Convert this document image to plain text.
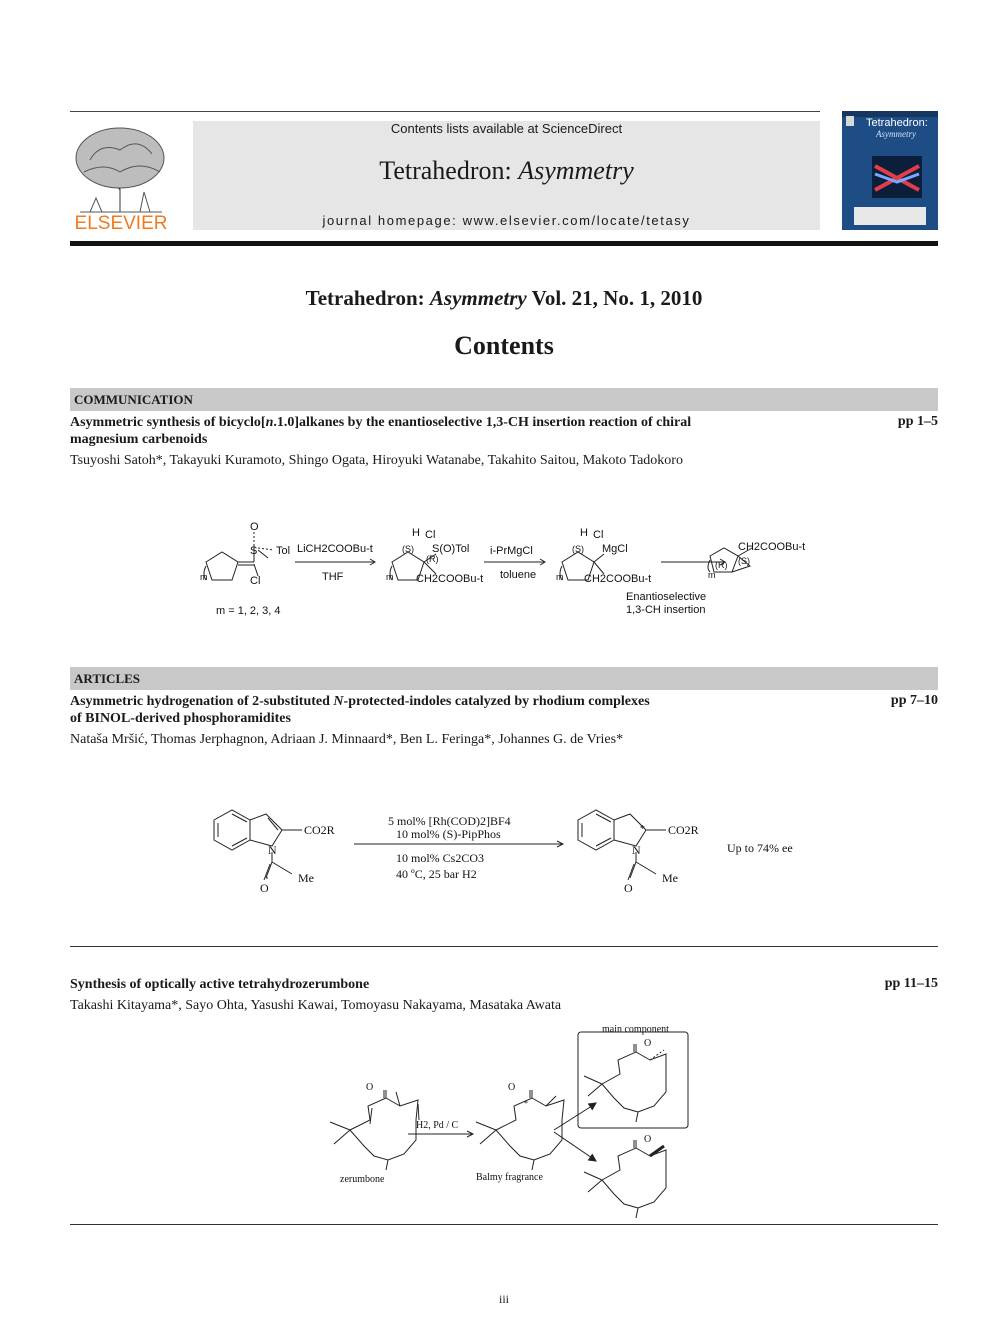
ELSEVIER
Contents lists available at ScienceDirect
Tetrahedron: Asymmetry
journal homepage: www.elsevier.com/locate/tetasy
Tetrahedron:
Asymmetry
Tetrahedron: Asymmetry Vol. 21, No. 1, 2010
Contents
COMMUNICATION
Asymmetric synthesis of bicyclo[n.1.0]alkanes by the enantioselective 1,3-CH insertion reaction of chiral
magnesium carbenoids
pp 1–5
Tsuyoshi Satoh*, Takayuki Kuramoto, Shingo Ogata, Hiroyuki Watanabe, Takahito Saitou, Makoto Tadokoro
O
S Tol
Cl
m
LiCH2COOBu-t
THF
H Cl
(S) S(O)Tol
(R)
m CH2COOBu-t
i-PrMgCl
toluene
H Cl
(S) MgCl
m CH2COOBu-t
Enantioselective
1,3-CH insertion
CH2COOBu-t
(R) (S)
m
m = 1, 2, 3, 4
ARTICLES
Asymmetric hydrogenation of 2-substituted N-protected-indoles catalyzed by rhodium complexes
of BINOL-derived phosphoramidites
pp 7–10
Nataša Mršić, Thomas Jerphagnon, Adriaan J. Minnaard*, Ben L. Feringa*, Johannes G. de Vries*
CO2R
N
Me
O
5 mol% [Rh(COD)2]BF4
10 mol% (S)-PipPhos
10 mol% Cs2CO3
40 ºC, 25 bar H2
* CO2R
N
Me
O
Up to 74% ee
Synthesis of optically active tetrahydrozerumbone	pp 11–15
Takashi Kitayama*, Sayo Ohta, Yasushi Kawai, Tomoyasu Nakayama, Masataka Awata
main component
O
H2, Pd / C
O
*
O
O
zerumbone	Balmy fragrance
iii
